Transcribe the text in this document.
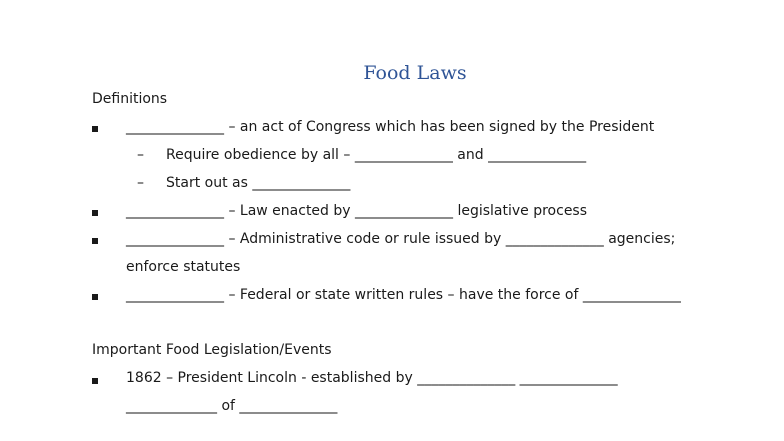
Food Laws
Definitions
______________ – an act of Congress which has been signed by the President
– Require obedience by all – ______________ and ______________
– Start out as ______________
______________ – Law enacted by ______________ legislative process
______________ – Administrative code or rule issued by ______________ agencies;
enforce statutes
______________ – Federal or state written rules – have the force of ______________
Important Food Legislation/Events
1862 – President Lincoln - established by ______________ ______________
_____________ of ______________
